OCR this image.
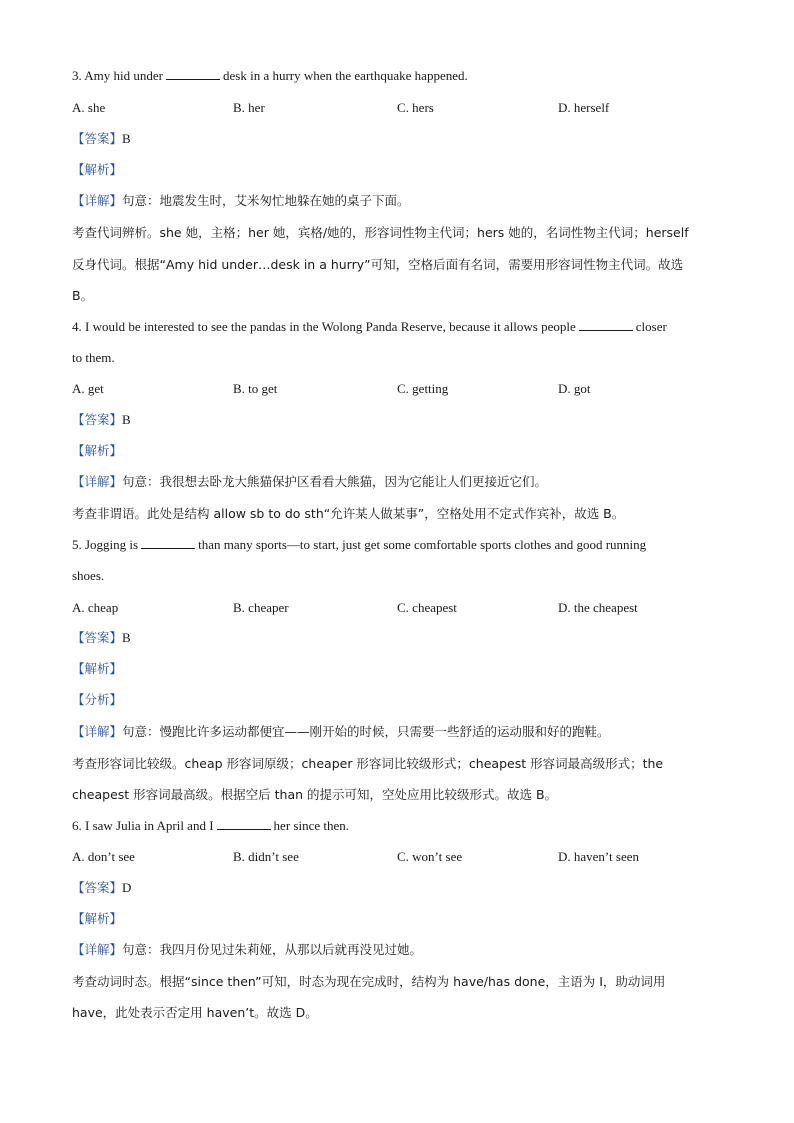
3. Amy hid under	desk in a hurry when the earthquake happened.
A. she	B. her	C. hers	D. herself
【答案】B
【解析】
【详解】句意：地震发生时，艾米匆忙地躲在她的桌子下面。
考查代词辨析。she 她，主格；her 她，宾格/她的，形容词性物主代词；hers 她的，名词性物主代词；herself
反身代词。根据“Amy hid under…desk in a hurry”可知，空格后面有名词，需要用形容词性物主代词。故选
B。
4. I would be interested to see the pandas in the Wolong Panda Reserve, because it allows people	closer
to them.
A. get	B. to get	C. getting	D. got
【答案】B
【解析】
【详解】句意：我很想去卧龙大熊猫保护区看看大熊猫，因为它能让人们更接近它们。
考查非谓语。此处是结构 allow sb to do sth“允许某人做某事”，空格处用不定式作宾补，故选 B。
5. Jogging is	than many sports—to start, just get some comfortable sports clothes and good running
shoes.
A. cheap	B. cheaper	C. cheapest	D. the cheapest
【答案】B
【解析】
【分析】
【详解】句意：慢跑比许多运动都便宜——刚开始的时候，只需要一些舒适的运动服和好的跑鞋。
考查形容词比较级。cheap 形容词原级；cheaper 形容词比较级形式；cheapest 形容词最高级形式；the
cheapest 形容词最高级。根据空后 than 的提示可知，空处应用比较级形式。故选 B。
6. I saw Julia in April and I	her since then.
A. don’t see	B. didn’t see	C. won’t see	D. haven’t seen
【答案】D
【解析】
【详解】句意：我四月份见过朱莉娅，从那以后就再没见过她。
考查动词时态。根据“since then”可知，时态为现在完成时，结构为 have/has done，主语为 I，助动词用
have，此处表示否定用 haven’t。故选 D。
